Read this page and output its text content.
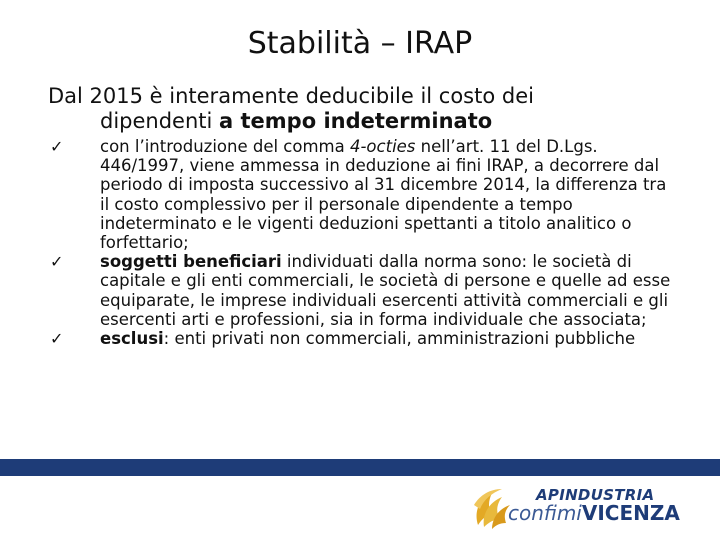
Stabilità – IRAP
Dal 2015 è interamente deducibile il costo dei
dipendenti a tempo indeterminato
✓ con l’introduzione del comma 4-octies nell’art. 11 del D.Lgs. 446/1997, viene ammessa in deduzione ai fini IRAP, a decorrere dal periodo di imposta successivo al 31 dicembre 2014, la differenza tra il costo complessivo per il personale dipendente a tempo indeterminato e le vigenti deduzioni spettanti a titolo analitico o forfettario;
✓ soggetti beneficiari individuati dalla norma sono: le società di capitale e gli enti commerciali, le società di persone e quelle ad esse equiparate, le imprese individuali esercenti attività commerciali e gli esercenti arti e professioni, sia in forma individuale che associata;
✓ esclusi: enti privati non commerciali, amministrazioni pubbliche
APINDUSTRIA
confimiVICENZA
